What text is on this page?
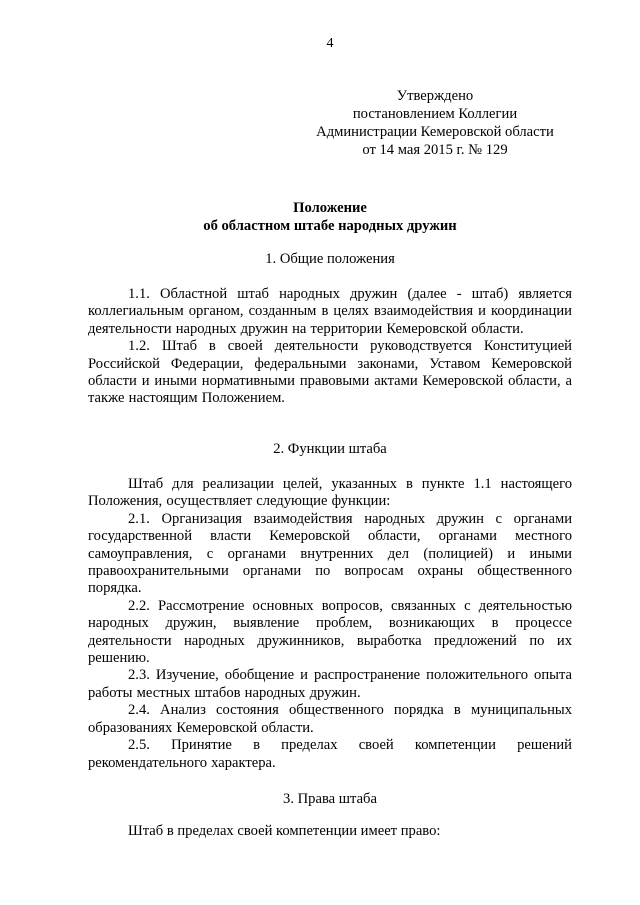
4
Утверждено
постановлением Коллегии
Администрации Кемеровской области
от 14 мая 2015 г. № 129
Положение
об областном штабе народных дружин
1. Общие положения

1.1. Областной штаб народных дружин (далее - штаб) является коллегиальным органом, созданным в целях взаимодействия и координации деятельности народных дружин на территории Кемеровской области.

1.2. Штаб в своей деятельности руководствуется Конституцией Российской Федерации, федеральными законами, Уставом Кемеровской области и иными нормативными правовыми актами Кемеровской области, а также настоящим Положением.

2. Функции штаба

Штаб для реализации целей, указанных в пункте 1.1 настоящего Положения, осуществляет следующие функции:

2.1. Организация взаимодействия народных дружин с органами государственной власти Кемеровской области, органами местного самоуправления, с органами внутренних дел (полицией) и иными правоохранительными органами по вопросам охраны общественного порядка.

2.2. Рассмотрение основных вопросов, связанных с деятельностью народных дружин, выявление проблем, возникающих в процессе деятельности народных дружинников, выработка предложений по их решению.

2.3. Изучение, обобщение и распространение положительного опыта работы местных штабов народных дружин.

2.4. Анализ состояния общественного порядка в муниципальных образованиях Кемеровской области.

2.5. Принятие в пределах своей компетенции решений рекомендательного характера.

3. Права штаба
Штаб в пределах своей компетенции имеет право:
